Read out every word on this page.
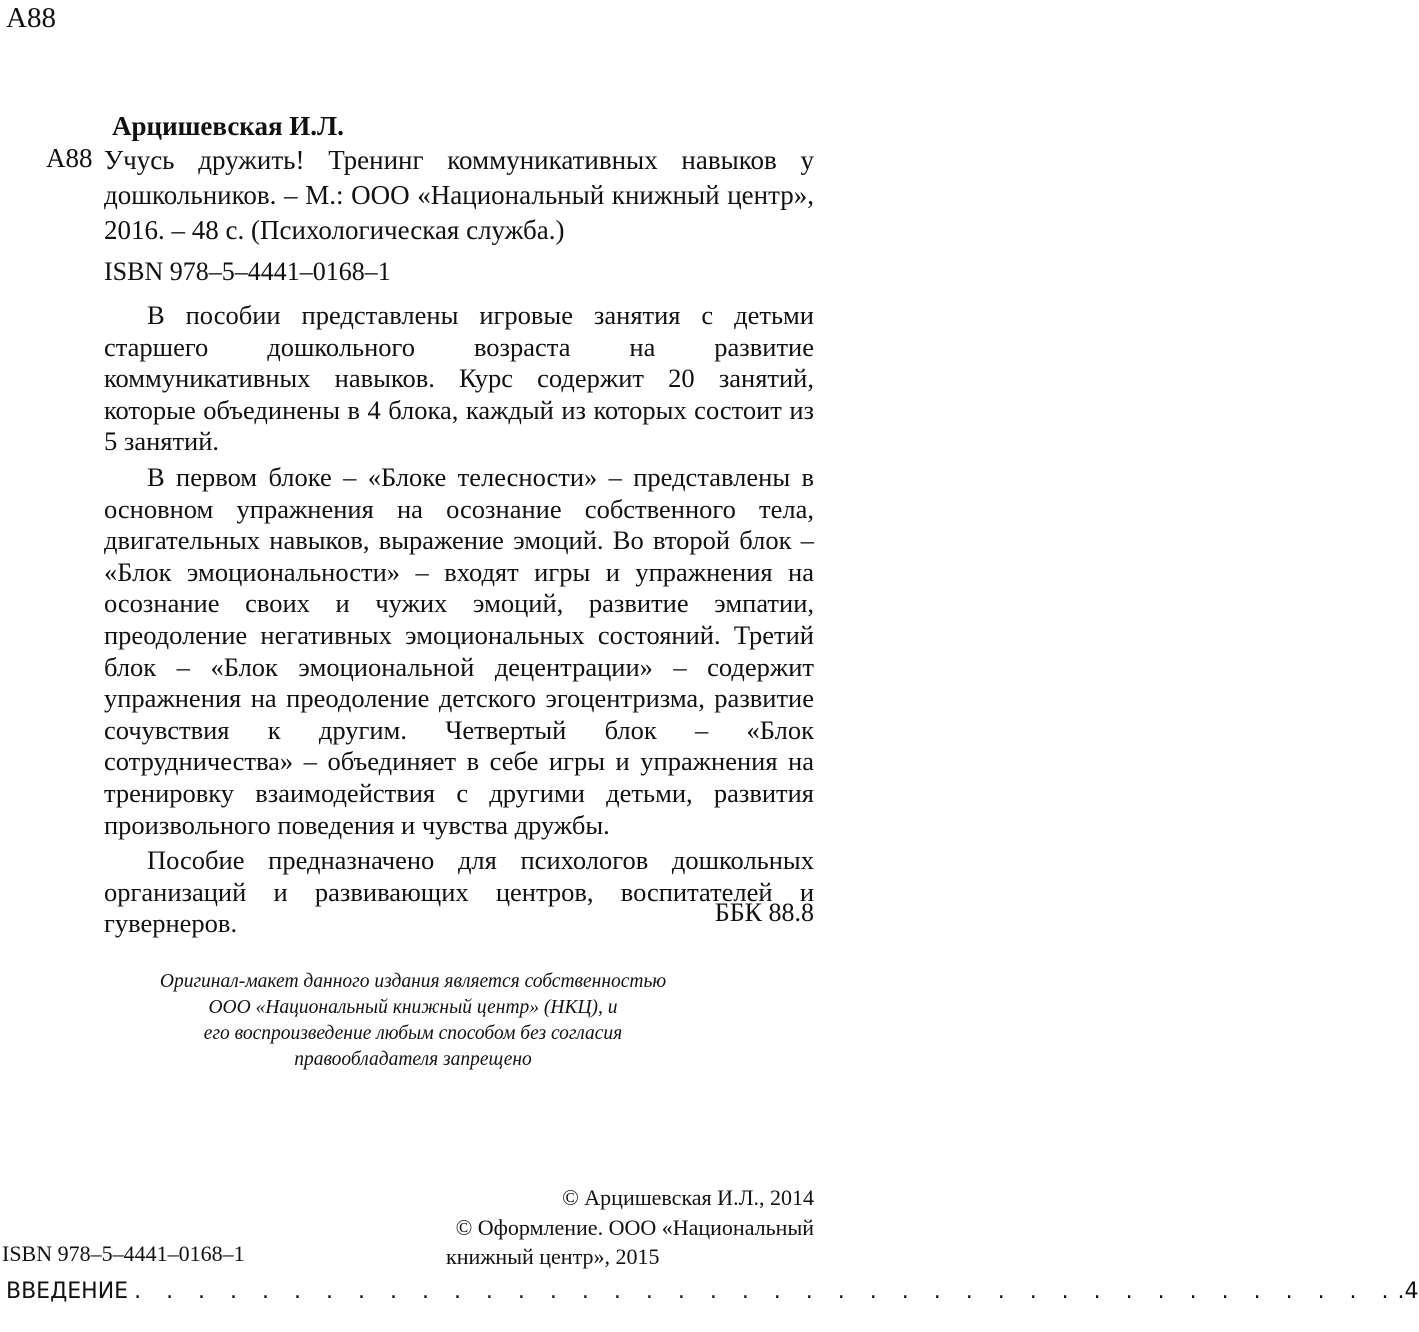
А88
Арцишевская И.Л.
А88 Учусь дружить! Тренинг коммуникативных навыков у дошкольников. – М.: ООО «Национальный книжный центр», 2016. – 48 с. (Психологическая служба.)
ISBN 978–5–4441–0168–1

В пособии представлены игровые занятия с детьми старшего дошкольного возраста на развитие коммуникативных навыков. Курс содержит 20 занятий, которые объединены в 4 блока, каждый из которых состоит из 5 занятий.

В первом блоке – «Блоке телесности» – представлены в основном упражнения на осознание собственного тела, двигательных навыков, выражение эмоций. Во второй блок – «Блок эмоциональности» – входят игры и упражнения на осознание своих и чужих эмоций, развитие эмпатии, преодоление негативных эмоциональных состояний. Третий блок – «Блок эмоциональной децентрации» – содержит упражнения на преодоление детского эгоцентризма, развитие сочувствия к другим. Четвертый блок – «Блок сотрудничества» – объединяет в себе игры и упражнения на тренировку взаимодействия с другими детьми, развития произвольного поведения и чувства дружбы.

Пособие предназначено для психологов дошкольных организаций и развивающих центров, воспитателей и гувернеров.	ББК 88.8
Оригинал-макет данного издания является собственностью
ООО «Национальный книжный центр» (НКЦ), и
его воспроизведение любым способом без согласия
правообладателя запрещено
© Арцишевская И.Л., 2014
© Оформление. ООО «Национальный
книжный центр», 2015
ISBN 978–5–4441–0168–1
ВВЕДЕНИЕ . . . . . . . . . . . . . . . . . . . . . . . . . . . . . . . . . . . . . . . . .4
